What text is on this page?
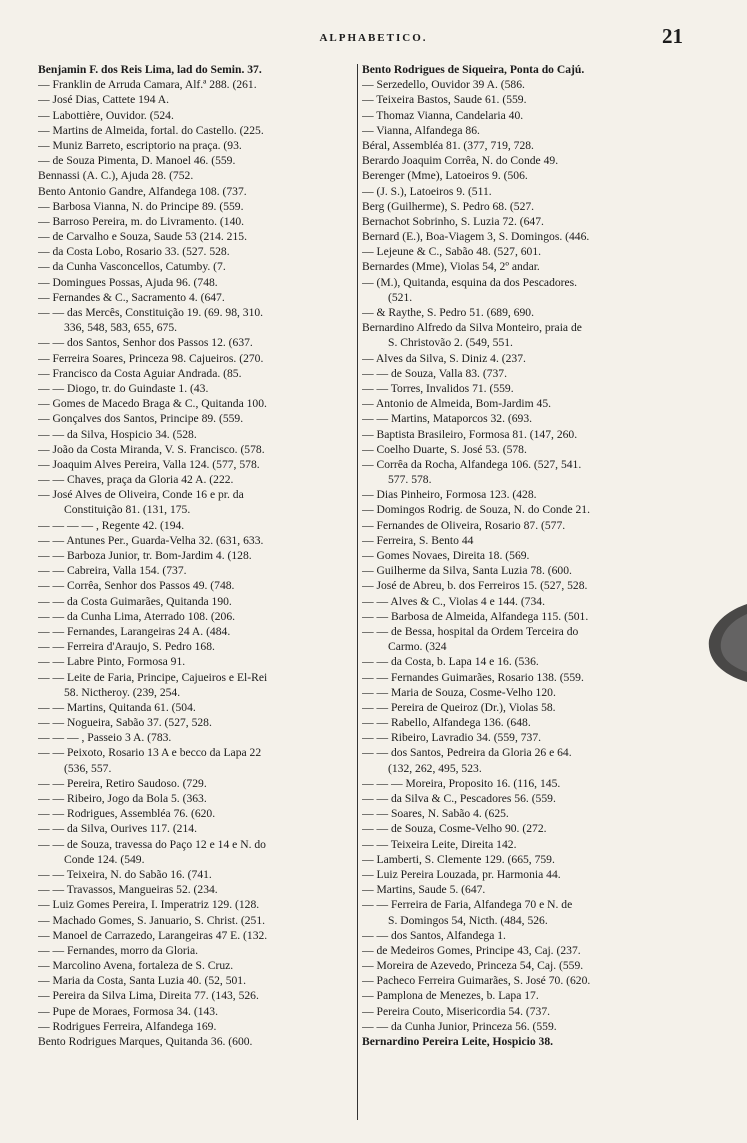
ALPHABETICO.	21
Benjamin F. dos Reis Lima, lad do Semin. 37.
— Franklin de Arruda Camara, Alf.ª 288. (261.
— José Dias, Cattete 194 A.
— Labottière, Ouvidor. (524.
— Martins de Almeida, fortal. do Castello. (225.
— Muniz Barreto, escriptorio na praça. (93.
— de Souza Pimenta, D. Manoel 46. (559.
Bennassi (A. C.), Ajuda 28. (752.
Bento Antonio Gandre, Alfandega 108. (737.
— Barbosa Vianna, N. do Principe 89. (559.
— Barroso Pereira, m. do Livramento. (140.
— de Carvalho e Souza, Saude 53 (214. 215.
— da Costa Lobo, Rosario 33. (527. 528.
— da Cunha Vasconcellos, Catumby. (7.
— Domingues Possas, Ajuda 96. (748.
— Fernandes & C., Sacramento 4. (647.
— — das Mercês, Constituição 19. (69. 98, 310.
336, 548, 583, 655, 675.
— — dos Santos, Senhor dos Passos 12. (637.
— Ferreira Soares, Princeza 98. Cajueiros. (270.
— Francisco da Costa Aguiar Andrada. (85.
— — Diogo, tr. do Guindaste 1. (43.
— Gomes de Macedo Braga & C., Quitanda 100.
— Gonçalves dos Santos, Principe 89. (559.
— — da Silva, Hospicio 34. (528.
— João da Costa Miranda, V. S. Francisco. (578.
— Joaquim Alves Pereira, Valla 124. (577, 578.
— — Chaves, praça da Gloria 42 A. (222.
— José Alves de Oliveira, Conde 16 e pr. da
Constituição 81. (131, 175.
— — — — , Regente 42. (194.
— — Antunes Per., Guarda-Velha 32. (631, 633.
— — Barboza Junior, tr. Bom-Jardim 4. (128.
— — Cabreira, Valla 154. (737.
— — Corrêa, Senhor dos Passos 49. (748.
— — da Costa Guimarães, Quitanda 190.
— — da Cunha Lima, Aterrado 108. (206.
— — Fernandes, Larangeiras 24 A. (484.
— — Ferreira d'Araujo, S. Pedro 168.
— — Labre Pinto, Formosa 91.
— — Leite de Faria, Principe, Cajueiros e El-Rei
58. Nictheroy. (239, 254.
— — Martins, Quitanda 61. (504.
— — Nogueira, Sabão 37. (527, 528.
— — — , Passeio 3 A. (783.
— — Peixoto, Rosario 13 A e becco da Lapa 22
(536, 557.
— — Pereira, Retiro Saudoso. (729.
— — Ribeiro, Jogo da Bola 5. (363.
— — Rodrigues, Assembléa 76. (620.
— — da Silva, Ourives 117. (214.
— — de Souza, travessa do Paço 12 e 14 e N. do
Conde 124. (549.
— — Teixeira, N. do Sabão 16. (741.
— — Travassos, Mangueiras 52. (234.
— Luiz Gomes Pereira, I. Imperatriz 129. (128.
— Machado Gomes, S. Januario, S. Christ. (251.
— Manoel de Carrazedo, Larangeiras 47 E. (132.
— — Fernandes, morro da Gloria.
— Marcolino Avena, fortaleza de S. Cruz.
— Maria da Costa, Santa Luzia 40. (52, 501.
— Pereira da Silva Lima, Direita 77. (143, 526.
— Pupe de Moraes, Formosa 34. (143.
— Rodrigues Ferreira, Alfandega 169.
Bento Rodrigues Marques, Quitanda 36. (600.
Bento Rodrigues de Siqueira, Ponta do Cajú.
— Serzedello, Ouvidor 39 A. (586.
— Teixeira Bastos, Saude 61. (559.
— Thomaz Vianna, Candelaria 40.
— Vianna, Alfandega 86.
Béral, Assembléa 81. (377, 719, 728.
Berardo Joaquim Corrêa, N. do Conde 49.
Berenger (Mme), Latoeiros 9. (506.
— (J. S.), Latoeiros 9. (511.
Berg (Guilherme), S. Pedro 68. (527.
Bernachot Sobrinho, S. Luzia 72. (647.
Bernard (E.), Boa-Viagem 3, S. Domingos. (446.
— Lejeune & C., Sabão 48. (527, 601.
Bernardes (Mme), Violas 54, 2º andar.
— (M.), Quitanda, esquina da dos Pescadores.
(521.
— & Raythe, S. Pedro 51. (689, 690.
Bernardino Alfredo da Silva Monteiro, praia de
S. Christovão 2. (549, 551.
— Alves da Silva, S. Diniz 4. (237.
— — de Souza, Valla 83. (737.
— — Torres, Invalidos 71. (559.
— Antonio de Almeida, Bom-Jardim 45.
— — Martins, Mataporcos 32. (693.
— Baptista Brasileiro, Formosa 81. (147, 260.
— Coelho Duarte, S. José 53. (578.
— Corrêa da Rocha, Alfandega 106. (527, 541.
577. 578.
— Dias Pinheiro, Formosa 123. (428.
— Domingos Rodrig. de Souza, N. do Conde 21.
— Fernandes de Oliveira, Rosario 87. (577.
— Ferreira, S. Bento 44
— Gomes Novaes, Direita 18. (569.
— Guilherme da Silva, Santa Luzia 78. (600.
— José de Abreu, b. dos Ferreiros 15. (527, 528.
— — Alves & C., Violas 4 e 144. (734.
— — Barbosa de Almeida, Alfandega 115. (501.
— — de Bessa, hospital da Ordem Terceira do
Carmo. (324
— — da Costa, b. Lapa 14 e 16. (536.
— — Fernandes Guimarães, Rosario 138. (559.
— — Maria de Souza, Cosme-Velho 120.
— — Pereira de Queiroz (Dr.), Violas 58.
— — Rabello, Alfandega 136. (648.
— — Ribeiro, Lavradio 34. (559, 737.
— — dos Santos, Pedreira da Gloria 26 e 64.
(132, 262, 495, 523.
— — — Moreira, Proposito 16. (116, 145.
— — da Silva & C., Pescadores 56. (559.
— — Soares, N. Sabão 4. (625.
— — de Souza, Cosme-Velho 90. (272.
— — Teixeira Leite, Direita 142.
— Lamberti, S. Clemente 129. (665, 759.
— Luiz Pereira Louzada, pr. Harmonia 44.
— Martins, Saude 5. (647.
— — Ferreira de Faria, Alfandega 70 e N. de
S. Domingos 54, Nicth. (484, 526.
— — dos Santos, Alfandega 1.
— de Medeiros Gomes, Principe 43, Caj. (237.
— Moreira de Azevedo, Princeza 54, Caj. (559.
— Pacheco Ferreira Guimarães, S. José 70. (620.
— Pamplona de Menezes, b. Lapa 17.
— Pereira Couto, Misericordia 54. (737.
— — da Cunha Junior, Princeza 56. (559.
Bernardino Pereira Leite, Hospicio 38.
